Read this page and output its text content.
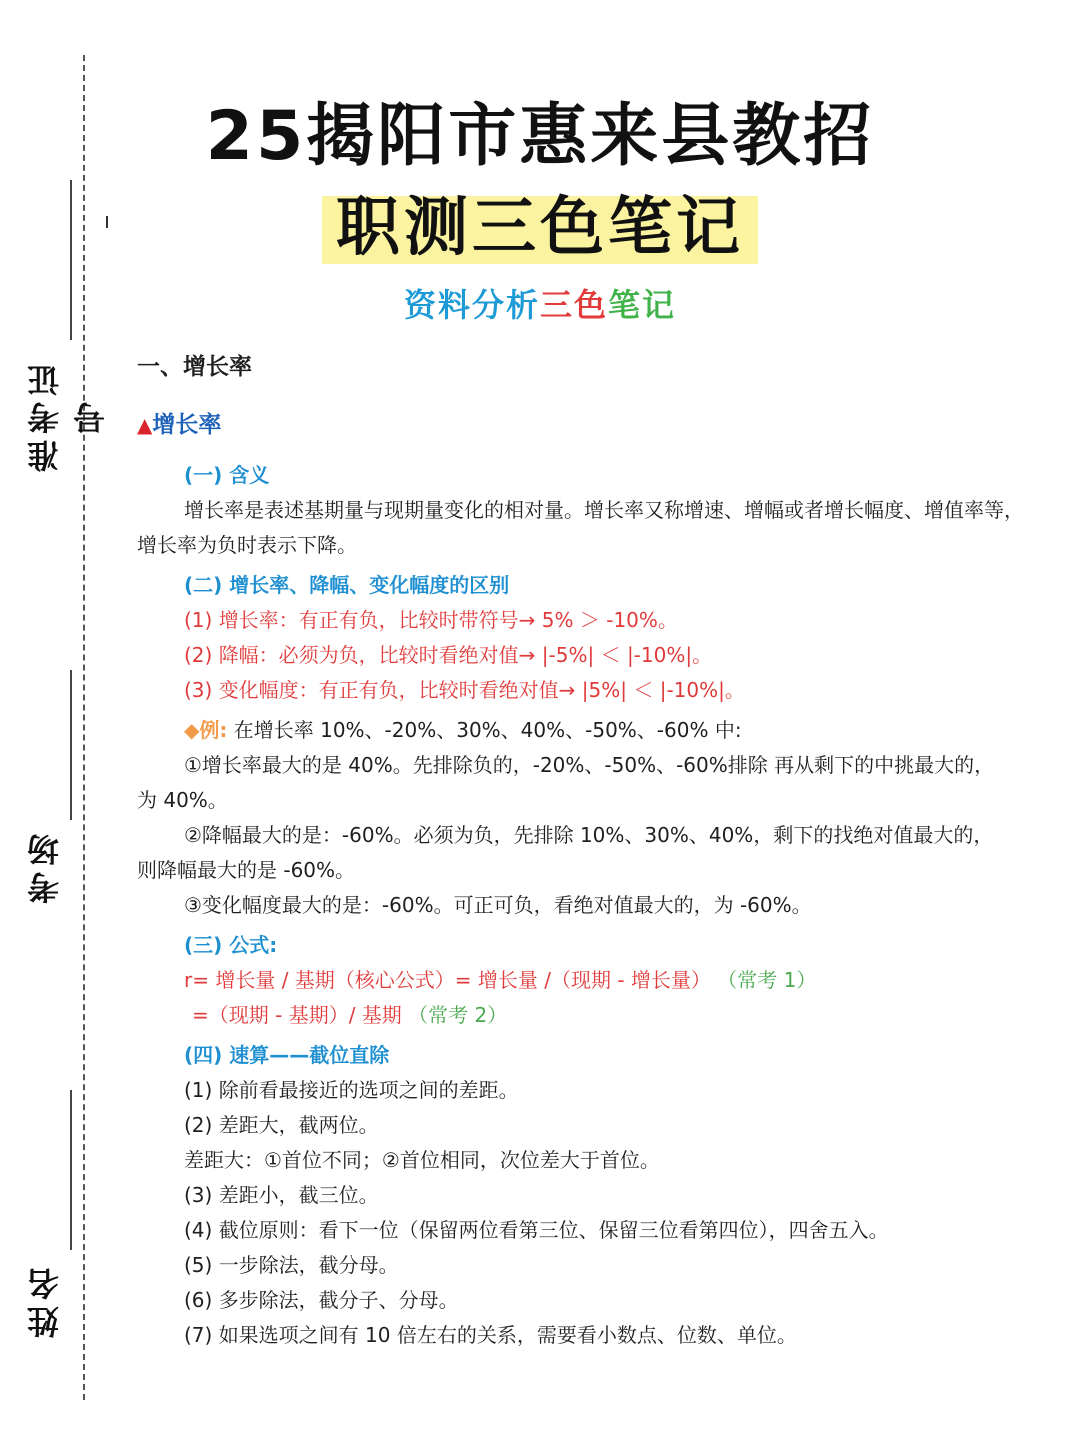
准考证号
考场
姓名
25揭阳市惠来县教招
职测三色笔记
资料分析三色笔记
一、增长率
▲增长率
(一) 含义

增长率是表述基期量与现期量变化的相对量。增长率又称增速、增幅或者增长幅度、增值率等，增长率为负时表示下降。

(二) 增长率、降幅、变化幅度的区别
(1) 增长率：有正有负，比较时带符号→ 5% ＞ -10%。
(2) 降幅：必须为负，比较时看绝对值→ |-5%| ＜ |-10%|。
(3) 变化幅度：有正有负，比较时看绝对值→ |5%| ＜ |-10%|。
◆例: 在增长率 10%、-20%、30%、40%、-50%、-60% 中:
①增长率最大的是 40%。先排除负的，-20%、-50%、-60%排除 再从剩下的中挑最大的，
为 40%。
②降幅最大的是：-60%。必须为负，先排除 10%、30%、40%，剩下的找绝对值最大的，
则降幅最大的是 -60%。
③变化幅度最大的是：-60%。可正可负，看绝对值最大的，为 -60%。
(三) 公式:
r= 增长量 / 基期（核心公式）= 增长量 /（现期 - 增长量） （常考 1）
=（现期 - 基期）/ 基期 （常考 2）
(四) 速算——截位直除
(1) 除前看最接近的选项之间的差距。
(2) 差距大，截两位。
差距大：①首位不同；②首位相同，次位差大于首位。
(3) 差距小，截三位。
(4) 截位原则：看下一位（保留两位看第三位、保留三位看第四位），四舍五入。
(5) 一步除法，截分母。
(6) 多步除法，截分子、分母。
(7) 如果选项之间有 10 倍左右的关系，需要看小数点、位数、单位。
